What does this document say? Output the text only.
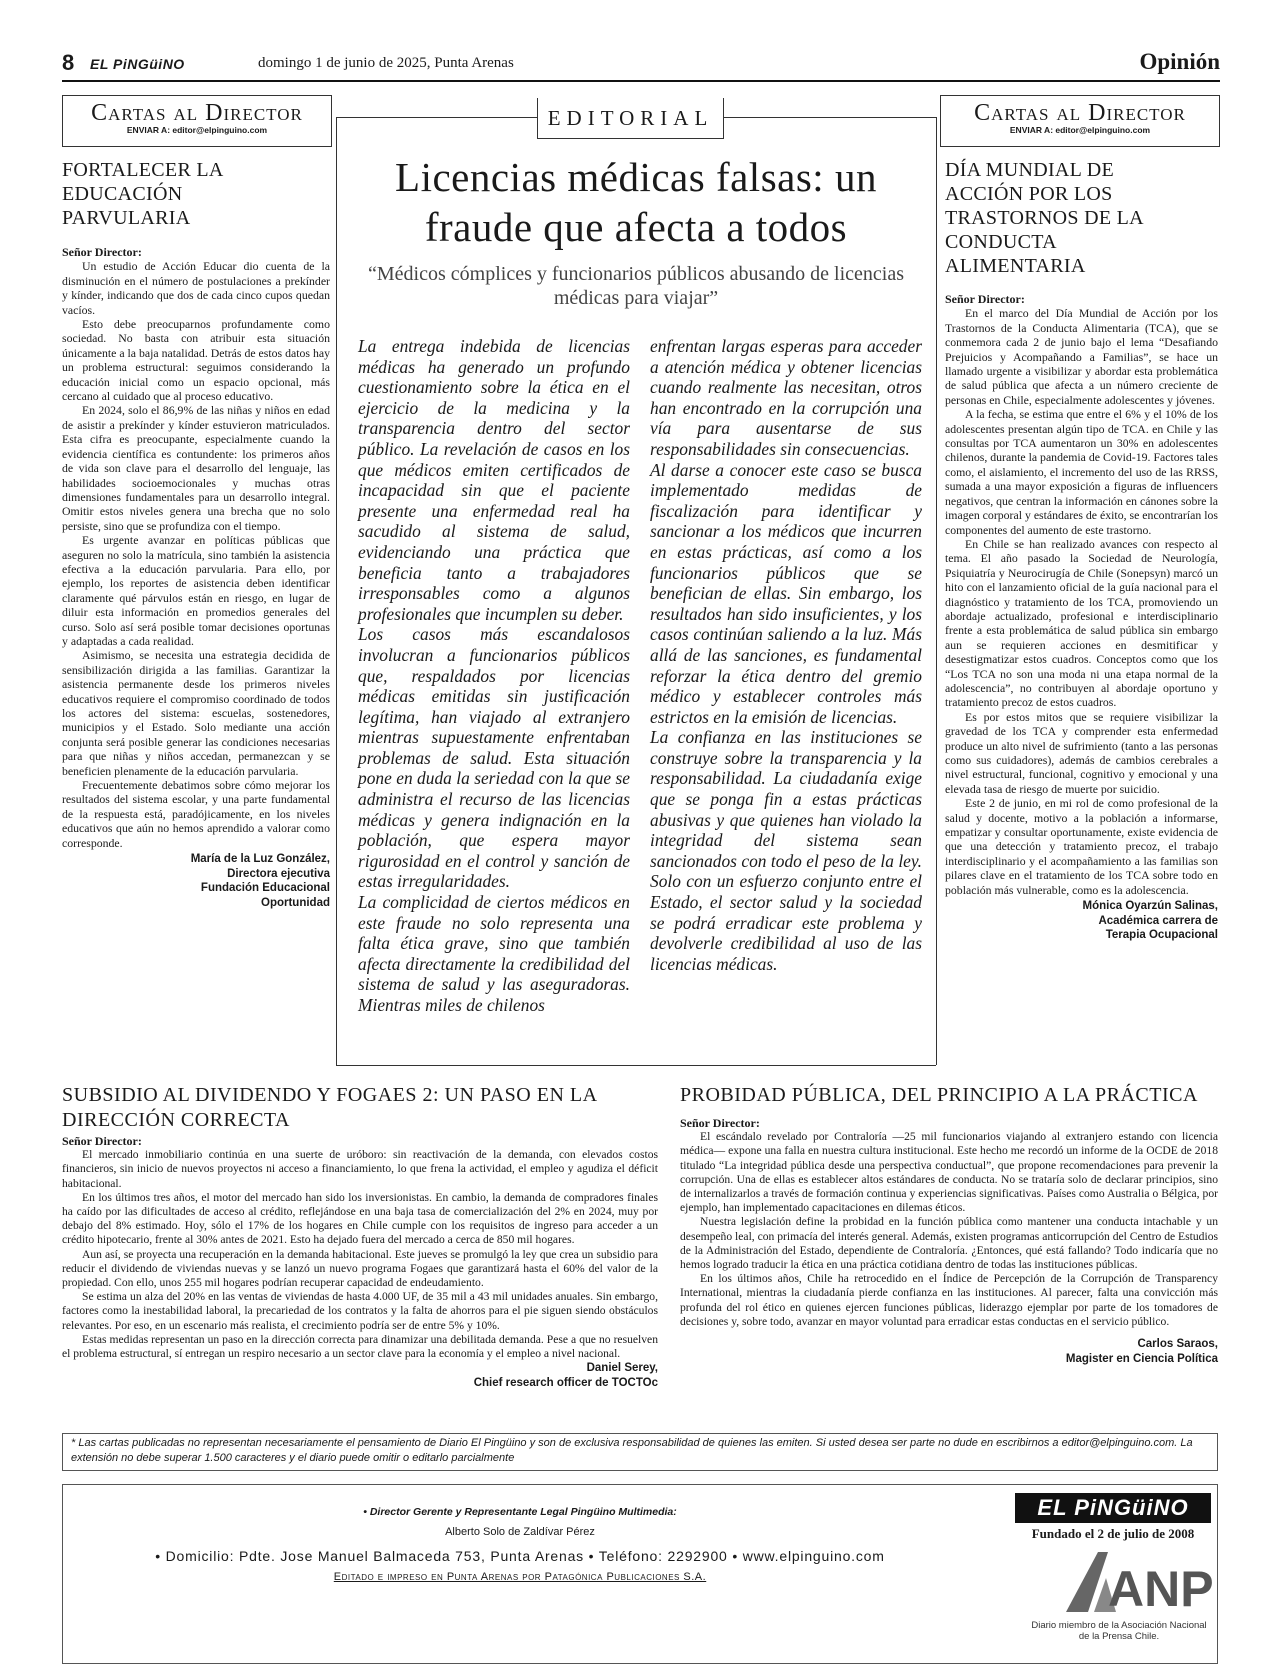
8 EL PiNGüiNO	domingo 1 de junio de 2025, Punta Arenas	Opinión
Cartas al Director
ENVIAR A: editor@elpinguino.com
FORTALECER LA EDUCACIÓN PARVULARIA
Señor Director:

Un estudio de Acción Educar dio cuenta de la disminución en el número de postulaciones a prekínder y kínder, indicando que dos de cada cinco cupos quedan vacíos.

Esto debe preocuparnos profundamente como sociedad. No basta con atribuir esta situación únicamente a la baja natalidad. Detrás de estos datos hay un problema estructural: seguimos considerando la educación inicial como un espacio opcional, más cercano al cuidado que al proceso educativo.

En 2024, solo el 86,9% de las niñas y niños en edad de asistir a prekínder y kínder estuvieron matriculados. Esta cifra es preocupante, especialmente cuando la evidencia científica es contundente: los primeros años de vida son clave para el desarrollo del lenguaje, las habilidades socioemocionales y muchas otras dimensiones fundamentales para un desarrollo integral. Omitir estos niveles genera una brecha que no solo persiste, sino que se profundiza con el tiempo.

Es urgente avanzar en políticas públicas que aseguren no solo la matrícula, sino también la asistencia efectiva a la educación parvularia. Para ello, por ejemplo, los reportes de asistencia deben identificar claramente qué párvulos están en riesgo, en lugar de diluir esta información en promedios generales del curso. Solo así será posible tomar decisiones oportunas y adaptadas a cada realidad.

Asimismo, se necesita una estrategia decidida de sensibilización dirigida a las familias. Garantizar la asistencia permanente desde los primeros niveles educativos requiere el compromiso coordinado de todos los actores del sistema: escuelas, sostenedores, municipios y el Estado. Solo mediante una acción conjunta será posible generar las condiciones necesarias para que niñas y niños accedan, permanezcan y se beneficien plenamente de la educación parvularia.

Frecuentemente debatimos sobre cómo mejorar los resultados del sistema escolar, y una parte fundamental de la respuesta está, paradójicamente, en los niveles educativos que aún no hemos aprendido a valorar como corresponde.

María de la Luz González,
Directora ejecutiva
Fundación Educacional
Oportunidad
EDITORIAL
Licencias médicas falsas: un fraude que afecta a todos
“Médicos cómplices y funcionarios públicos abusando de licencias médicas para viajar”

La entrega indebida de licencias médicas ha generado un profundo cuestionamiento sobre la ética en el ejercicio de la medicina y la transparencia dentro del sector público. La revelación de casos en los que médicos emiten certificados de incapacidad sin que el paciente presente una enfermedad real ha sacudido al sistema de salud, evidenciando una práctica que beneficia tanto a trabajadores irresponsables como a algunos profesionales que incumplen su deber.

Los casos más escandalosos involucran a funcionarios públicos que, respaldados por licencias médicas emitidas sin justificación legítima, han viajado al extranjero mientras supuestamente enfrentaban problemas de salud. Esta situación pone en duda la seriedad con la que se administra el recurso de las licencias médicas y genera indignación en la población, que espera mayor rigurosidad en el control y sanción de estas irregularidades.

La complicidad de ciertos médicos en este fraude no solo representa una falta ética grave, sino que también afecta directamente la credibilidad del sistema de salud y las aseguradoras. Mientras miles de chilenos

enfrentan largas esperas para acceder a atención médica y obtener licencias cuando realmente las necesitan, otros han encontrado en la corrupción una vía para ausentarse de sus responsabilidades sin consecuencias.

Al darse a conocer este caso se busca implementado medidas de fiscalización para identificar y sancionar a los médicos que incurren en estas prácticas, así como a los funcionarios públicos que se benefician de ellas. Sin embargo, los resultados han sido insuficientes, y los casos continúan saliendo a la luz. Más allá de las sanciones, es fundamental reforzar la ética dentro del gremio médico y establecer controles más estrictos en la emisión de licencias.

La confianza en las instituciones se construye sobre la transparencia y la responsabilidad. La ciudadanía exige que se ponga fin a estas prácticas abusivas y que quienes han violado la integridad del sistema sean sancionados con todo el peso de la ley. Solo con un esfuerzo conjunto entre el Estado, el sector salud y la sociedad se podrá erradicar este problema y devolverle credibilidad al uso de las licencias médicas.

Cartas al Director
ENVIAR A: editor@elpinguino.com
DÍA MUNDIAL DE ACCIÓN POR LOS TRASTORNOS DE LA CONDUCTA ALIMENTARIA
Señor Director:

En el marco del Día Mundial de Acción por los Trastornos de la Conducta Alimentaria (TCA), que se conmemora cada 2 de junio bajo el lema “Desafiando Prejuicios y Acompañando a Familias”, se hace un llamado urgente a visibilizar y abordar esta problemática de salud pública que afecta a un número creciente de personas en Chile, especialmente adolescentes y jóvenes.

A la fecha, se estima que entre el 6% y el 10% de los adolescentes presentan algún tipo de TCA. en Chile y las consultas por TCA aumentaron un 30% en adolescentes chilenos, durante la pandemia de Covid-19. Factores tales como, el aislamiento, el incremento del uso de las RRSS, sumada a una mayor exposición a figuras de influencers negativos, que centran la información en cánones sobre la imagen corporal y estándares de éxito, se encontrarían los componentes del aumento de este trastorno.

En Chile se han realizado avances con respecto al tema. El año pasado la Sociedad de Neurología, Psiquiatría y Neurocirugía de Chile (Sonepsyn) marcó un hito con el lanzamiento oficial de la guía nacional para el diagnóstico y tratamiento de los TCA, promoviendo un abordaje actualizado, profesional e interdisciplinario frente a esta problemática de salud pública sin embargo aun se requieren acciones en desmitificar y desestigmatizar estos cuadros. Conceptos como que los “Los TCA no son una moda ni una etapa normal de la adolescencia”, no contribuyen al abordaje oportuno y tratamiento precoz de estos cuadros.

Es por estos mitos que se requiere visibilizar la gravedad de los TCA y comprender esta enfermedad produce un alto nivel de sufrimiento (tanto a las personas como sus cuidadores), además de cambios cerebrales a nivel estructural, funcional, cognitivo y emocional y una elevada tasa de riesgo de muerte por suicidio.

Este 2 de junio, en mi rol de como profesional de la salud y docente, motivo a la población a informarse, empatizar y consultar oportunamente, existe evidencia de que una detección y tratamiento precoz, el trabajo interdisciplinario y el acompañamiento a las familias son pilares clave en el tratamiento de los TCA sobre todo en población más vulnerable, como es la adolescencia.

Mónica Oyarzún Salinas,
Académica carrera de
Terapia Ocupacional
SUBSIDIO AL DIVIDENDO Y FOGAES 2: UN PASO EN LA DIRECCIÓN CORRECTA
Señor Director:

El mercado inmobiliario continúa en una suerte de uróboro: sin reactivación de la demanda, con elevados costos financieros, sin inicio de nuevos proyectos ni acceso a financiamiento, lo que frena la actividad, el empleo y agudiza el déficit habitacional.

En los últimos tres años, el motor del mercado han sido los inversionistas. En cambio, la demanda de compradores finales ha caído por las dificultades de acceso al crédito, reflejándose en una baja tasa de comercialización del 2% en 2024, muy por debajo del 8% estimado. Hoy, sólo el 17% de los hogares en Chile cumple con los requisitos de ingreso para acceder a un crédito hipotecario, frente al 30% antes de 2021. Esto ha dejado fuera del mercado a cerca de 850 mil hogares.

Aun así, se proyecta una recuperación en la demanda habitacional. Este jueves se promulgó la ley que crea un subsidio para reducir el dividendo de viviendas nuevas y se lanzó un nuevo programa Fogaes que garantizará hasta el 60% del valor de la propiedad. Con ello, unos 255 mil hogares podrían recuperar capacidad de endeudamiento.

Se estima un alza del 20% en las ventas de viviendas de hasta 4.000 UF, de 35 mil a 43 mil unidades anuales. Sin embargo, factores como la inestabilidad laboral, la precariedad de los contratos y la falta de ahorros para el pie siguen siendo obstáculos relevantes. Por eso, en un escenario más realista, el crecimiento podría ser de entre 5% y 10%.

Estas medidas representan un paso en la dirección correcta para dinamizar una debilitada demanda. Pese a que no resuelven el problema estructural, sí entregan un respiro necesario a un sector clave para la economía y el empleo a nivel nacional.

Daniel Serey,
Chief research officer de TOCTOc
PROBIDAD PÚBLICA, DEL PRINCIPIO A LA PRÁCTICA
Señor Director:

El escándalo revelado por Contraloría —25 mil funcionarios viajando al extranjero estando con licencia médica— expone una falla en nuestra cultura institucional. Este hecho me recordó un informe de la OCDE de 2018 titulado “La integridad pública desde una perspectiva conductual”, que propone recomendaciones para prevenir la corrupción. Una de ellas es establecer altos estándares de conducta. No se trataría solo de declarar principios, sino de internalizarlos a través de formación continua y experiencias significativas. Países como Australia o Bélgica, por ejemplo, han implementado capacitaciones en dilemas éticos.

Nuestra legislación define la probidad en la función pública como mantener una conducta intachable y un desempeño leal, con primacía del interés general. Además, existen programas anticorrupción del Centro de Estudios de la Administración del Estado, dependiente de Contraloría. ¿Entonces, qué está fallando? Todo indicaría que no hemos logrado traducir la ética en una práctica cotidiana dentro de todas las instituciones públicas.

En los últimos años, Chile ha retrocedido en el Índice de Percepción de la Corrupción de Transparency International, mientras la ciudadanía pierde confianza en las instituciones. Al parecer, falta una convicción más profunda del rol ético en quienes ejercen funciones públicas, liderazgo ejemplar por parte de los tomadores de decisiones y, sobre todo, avanzar en mayor voluntad para erradicar estas conductas en el servicio público.

Carlos Saraos,
Magister en Ciencia Política
* Las cartas publicadas no representan necesariamente el pensamiento de Diario El Pingüino y son de exclusiva responsabilidad de quienes las emiten. Si usted desea ser parte no dude en escribirnos a editor@elpinguino.com. La extensión no debe superar 1.500 caracteres y el diario puede omitir o editarlo parcialmente
• Director Gerente y Representante Legal Pingüino Multimedia:
Alberto Solo de Zaldívar Pérez
• Domicilio: Pdte. Jose Manuel Balmaceda 753, Punta Arenas • Teléfono: 2292900 • www.elpinguino.com
Editado e impreso en Punta Arenas por Patagónica Publicaciones S.A.
EL PiNGüiNO
Fundado el 2 de julio de 2008
ANP
Diario miembro de la Asociación Nacional de la Prensa Chile.
